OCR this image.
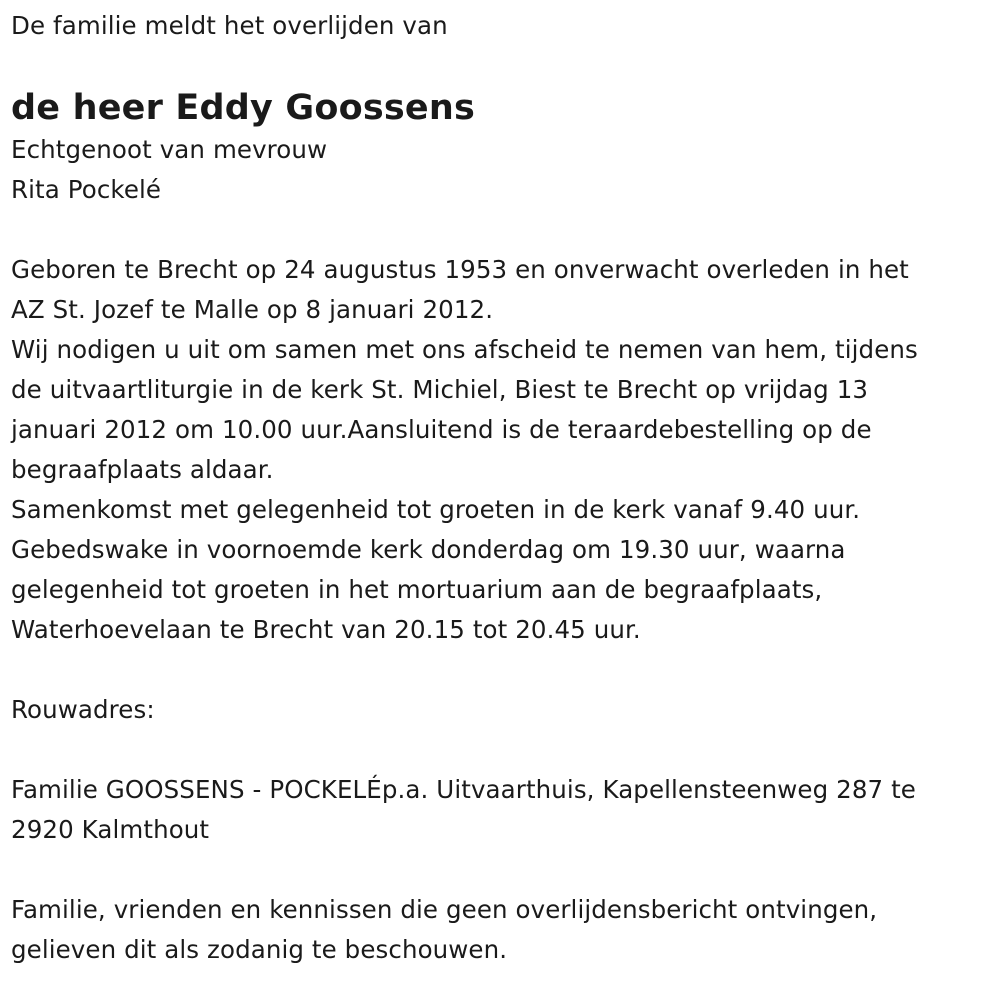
De familie meldt het overlijden van
de heer Eddy Goossens
Echtgenoot van mevrouw
Rita Pockelé
Geboren te Brecht op 24 augustus 1953 en onverwacht overleden in het
AZ St. Jozef te Malle op 8 januari 2012.
Wij nodigen u uit om samen met ons afscheid te nemen van hem, tijdens
de uitvaartliturgie in de kerk St. Michiel, Biest te Brecht op vrijdag 13
januari 2012 om 10.00 uur.Aansluitend is de teraardebestelling op de
begraafplaats aldaar.
Samenkomst met gelegenheid tot groeten in de kerk vanaf 9.40 uur.
Gebedswake in voornoemde kerk donderdag om 19.30 uur, waarna
gelegenheid tot groeten in het mortuarium aan de begraafplaats,
Waterhoevelaan te Brecht van 20.15 tot 20.45 uur.
Rouwadres:
Familie GOOSSENS - POCKELÉp.a. Uitvaarthuis, Kapellensteenweg 287 te
2920 Kalmthout
Familie, vrienden en kennissen die geen overlijdensbericht ontvingen,
gelieven dit als zodanig te beschouwen.
